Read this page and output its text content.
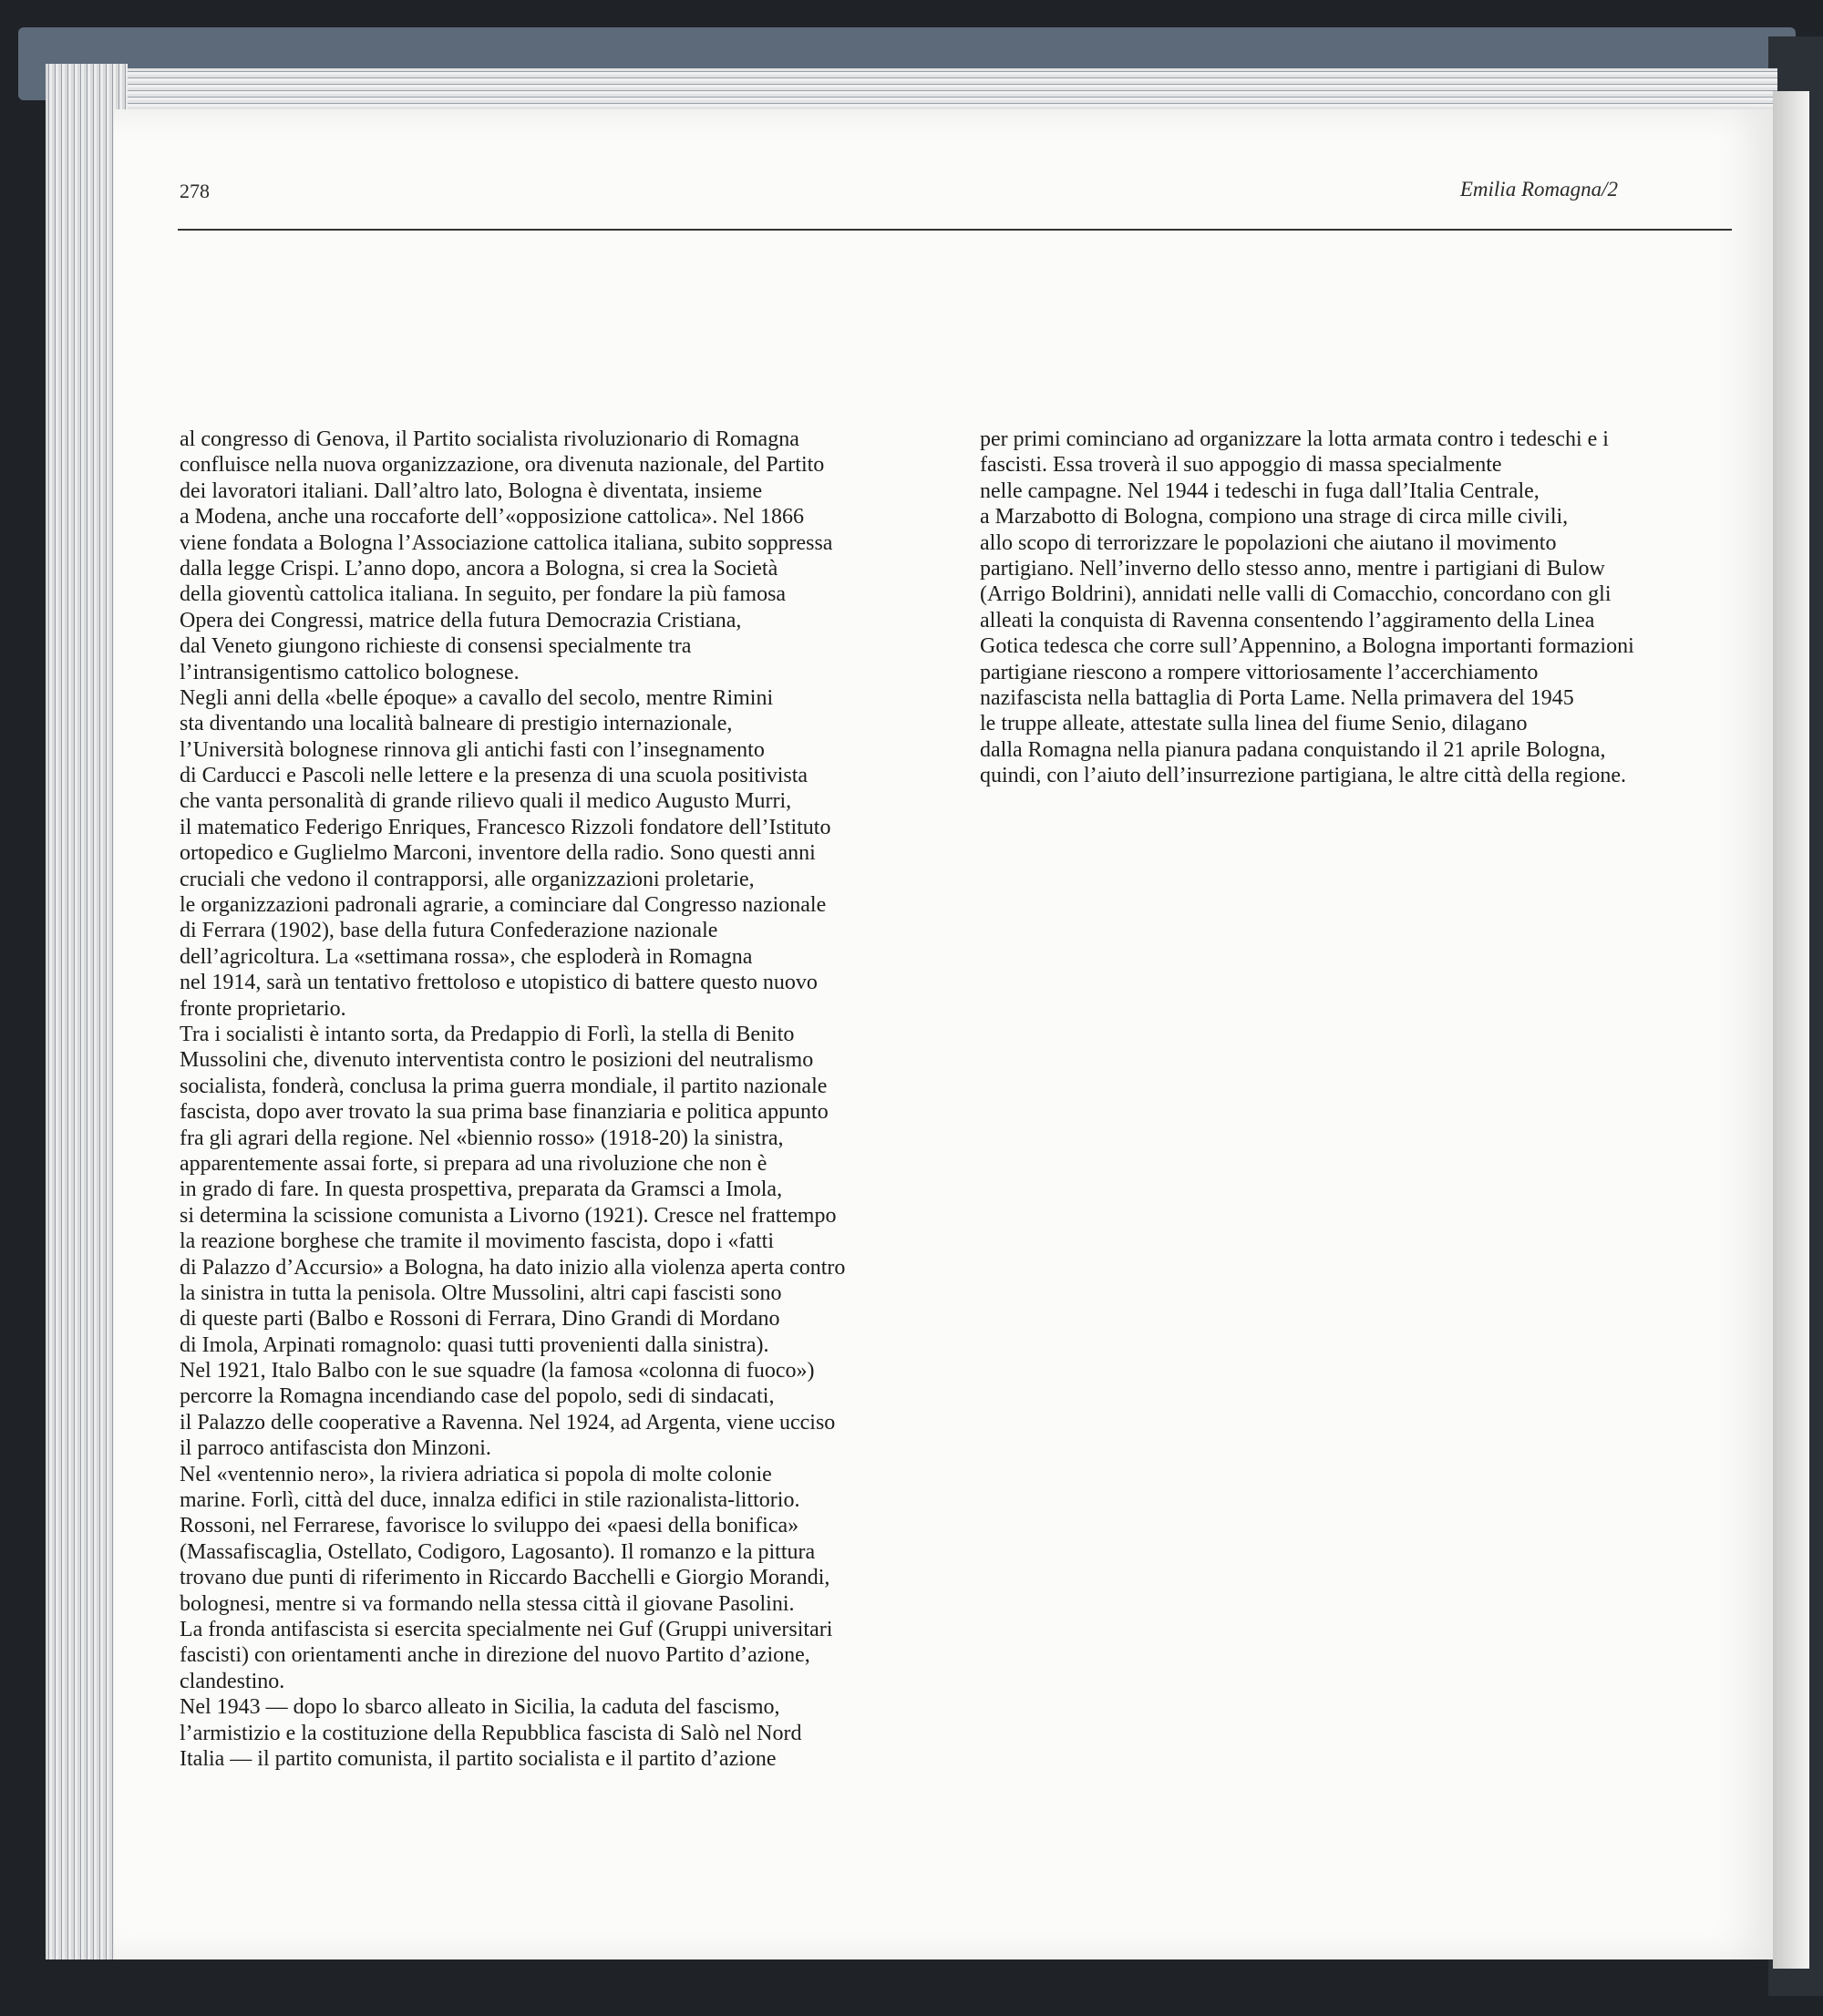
278	Emilia Romagna/2
al congresso di Genova, il Partito socialista rivoluzionario di Romagna
confluisce nella nuova organizzazione, ora divenuta nazionale, del Partito
dei lavoratori italiani. Dall’altro lato, Bologna è diventata, insieme
a Modena, anche una roccaforte dell’«opposizione cattolica». Nel 1866
viene fondata a Bologna l’Associazione cattolica italiana, subito soppressa
dalla legge Crispi. L’anno dopo, ancora a Bologna, si crea la Società
della gioventù cattolica italiana. In seguito, per fondare la più famosa
Opera dei Congressi, matrice della futura Democrazia Cristiana,
dal Veneto giungono richieste di consensi specialmente tra
l’intransigentismo cattolico bolognese.
Negli anni della «belle époque» a cavallo del secolo, mentre Rimini
sta diventando una località balneare di prestigio internazionale,
l’Università bolognese rinnova gli antichi fasti con l’insegnamento
di Carducci e Pascoli nelle lettere e la presenza di una scuola positivista
che vanta personalità di grande rilievo quali il medico Augusto Murri,
il matematico Federigo Enriques, Francesco Rizzoli fondatore dell’Istituto
ortopedico e Guglielmo Marconi, inventore della radio. Sono questi anni
cruciali che vedono il contrapporsi, alle organizzazioni proletarie,
le organizzazioni padronali agrarie, a cominciare dal Congresso nazionale
di Ferrara (1902), base della futura Confederazione nazionale
dell’agricoltura. La «settimana rossa», che esploderà in Romagna
nel 1914, sarà un tentativo frettoloso e utopistico di battere questo nuovo
fronte proprietario.
Tra i socialisti è intanto sorta, da Predappio di Forlì, la stella di Benito
Mussolini che, divenuto interventista contro le posizioni del neutralismo
socialista, fonderà, conclusa la prima guerra mondiale, il partito nazionale
fascista, dopo aver trovato la sua prima base finanziaria e politica appunto
fra gli agrari della regione. Nel «biennio rosso» (1918-20) la sinistra,
apparentemente assai forte, si prepara ad una rivoluzione che non è
in grado di fare. In questa prospettiva, preparata da Gramsci a Imola,
si determina la scissione comunista a Livorno (1921). Cresce nel frattempo
la reazione borghese che tramite il movimento fascista, dopo i «fatti
di Palazzo d’Accursio» a Bologna, ha dato inizio alla violenza aperta contro
la sinistra in tutta la penisola. Oltre Mussolini, altri capi fascisti sono
di queste parti (Balbo e Rossoni di Ferrara, Dino Grandi di Mordano
di Imola, Arpinati romagnolo: quasi tutti provenienti dalla sinistra).
Nel 1921, Italo Balbo con le sue squadre (la famosa «colonna di fuoco»)
percorre la Romagna incendiando case del popolo, sedi di sindacati,
il Palazzo delle cooperative a Ravenna. Nel 1924, ad Argenta, viene ucciso
il parroco antifascista don Minzoni.
Nel «ventennio nero», la riviera adriatica si popola di molte colonie
marine. Forlì, città del duce, innalza edifici in stile razionalista-littorio.
Rossoni, nel Ferrarese, favorisce lo sviluppo dei «paesi della bonifica»
(Massafiscaglia, Ostellato, Codigoro, Lagosanto). Il romanzo e la pittura
trovano due punti di riferimento in Riccardo Bacchelli e Giorgio Morandi,
bolognesi, mentre si va formando nella stessa città il giovane Pasolini.
La fronda antifascista si esercita specialmente nei Guf (Gruppi universitari
fascisti) con orientamenti anche in direzione del nuovo Partito d’azione,
clandestino.
Nel 1943 — dopo lo sbarco alleato in Sicilia, la caduta del fascismo,
l’armistizio e la costituzione della Repubblica fascista di Salò nel Nord
Italia — il partito comunista, il partito socialista e il partito d’azione
per primi cominciano ad organizzare la lotta armata contro i tedeschi e i
fascisti. Essa troverà il suo appoggio di massa specialmente
nelle campagne. Nel 1944 i tedeschi in fuga dall’Italia Centrale,
a Marzabotto di Bologna, compiono una strage di circa mille civili,
allo scopo di terrorizzare le popolazioni che aiutano il movimento
partigiano. Nell’inverno dello stesso anno, mentre i partigiani di Bulow
(Arrigo Boldrini), annidati nelle valli di Comacchio, concordano con gli
alleati la conquista di Ravenna consentendo l’aggiramento della Linea
Gotica tedesca che corre sull’Appennino, a Bologna importanti formazioni
partigiane riescono a rompere vittoriosamente l’accerchiamento
nazifascista nella battaglia di Porta Lame. Nella primavera del 1945
le truppe alleate, attestate sulla linea del fiume Senio, dilagano
dalla Romagna nella pianura padana conquistando il 21 aprile Bologna,
quindi, con l’aiuto dell’insurrezione partigiana, le altre città della regione.
